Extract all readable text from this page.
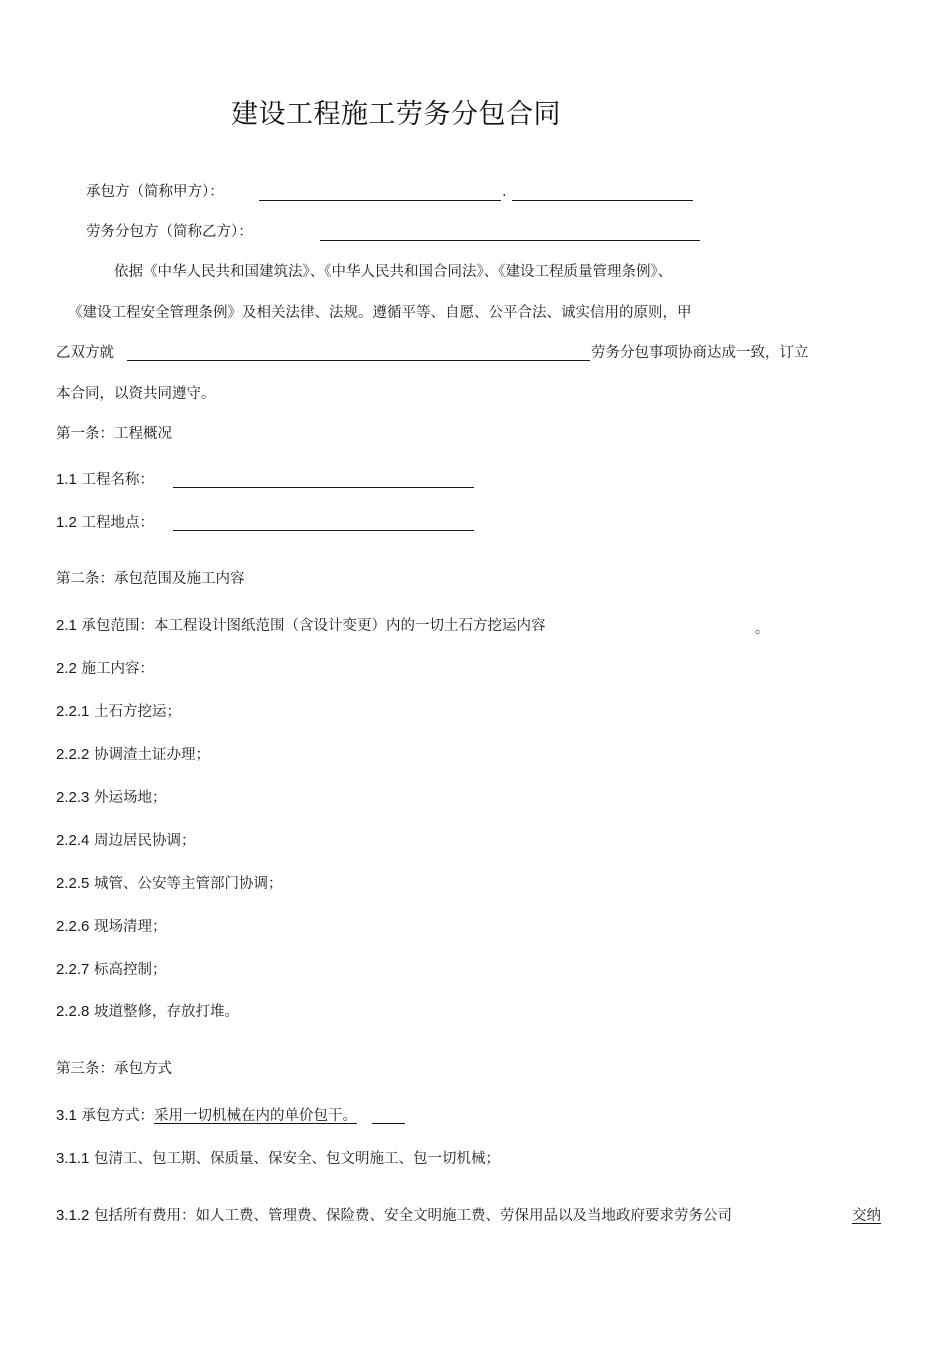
建设工程施工劳务分包合同
承包方（简称甲方）：	.
劳务分包方（简称乙方）：
依据《中华人民共和国建筑法》、《中华人民共和国合同法》、《建设工程质量管理条例》、
《建设工程安全管理条例》及相关法律、法规。遵循平等、自愿、公平合法、诚实信用的原则，甲
乙双方就	劳务分包事项协商达成一致，订立
本合同，以资共同遵守。
第一条：工程概况
1.1 工程名称：
1.2 工程地点：
第二条：承包范围及施工内容
2.1 承包范围：本工程设计图纸范围（含设计变更）内的一切土石方挖运内容	。
2.2 施工内容：
2.2.1 土石方挖运；
2.2.2 协调渣土证办理；
2.2.3 外运场地；
2.2.4 周边居民协调；
2.2.5 城管、公安等主管部门协调；
2.2.6 现场清理；
2.2.7 标高控制；
2.2.8 坡道整修，存放打堆。
第三条：承包方式
3.1 承包方式：采用一切机械在内的单价包干。
3.1.1 包清工、包工期、保质量、保安全、包文明施工、包一切机械；
3.1.2 包括所有费用：如人工费、管理费、保险费、安全文明施工费、劳保用品以及当地政府要求劳务公司	交纳
